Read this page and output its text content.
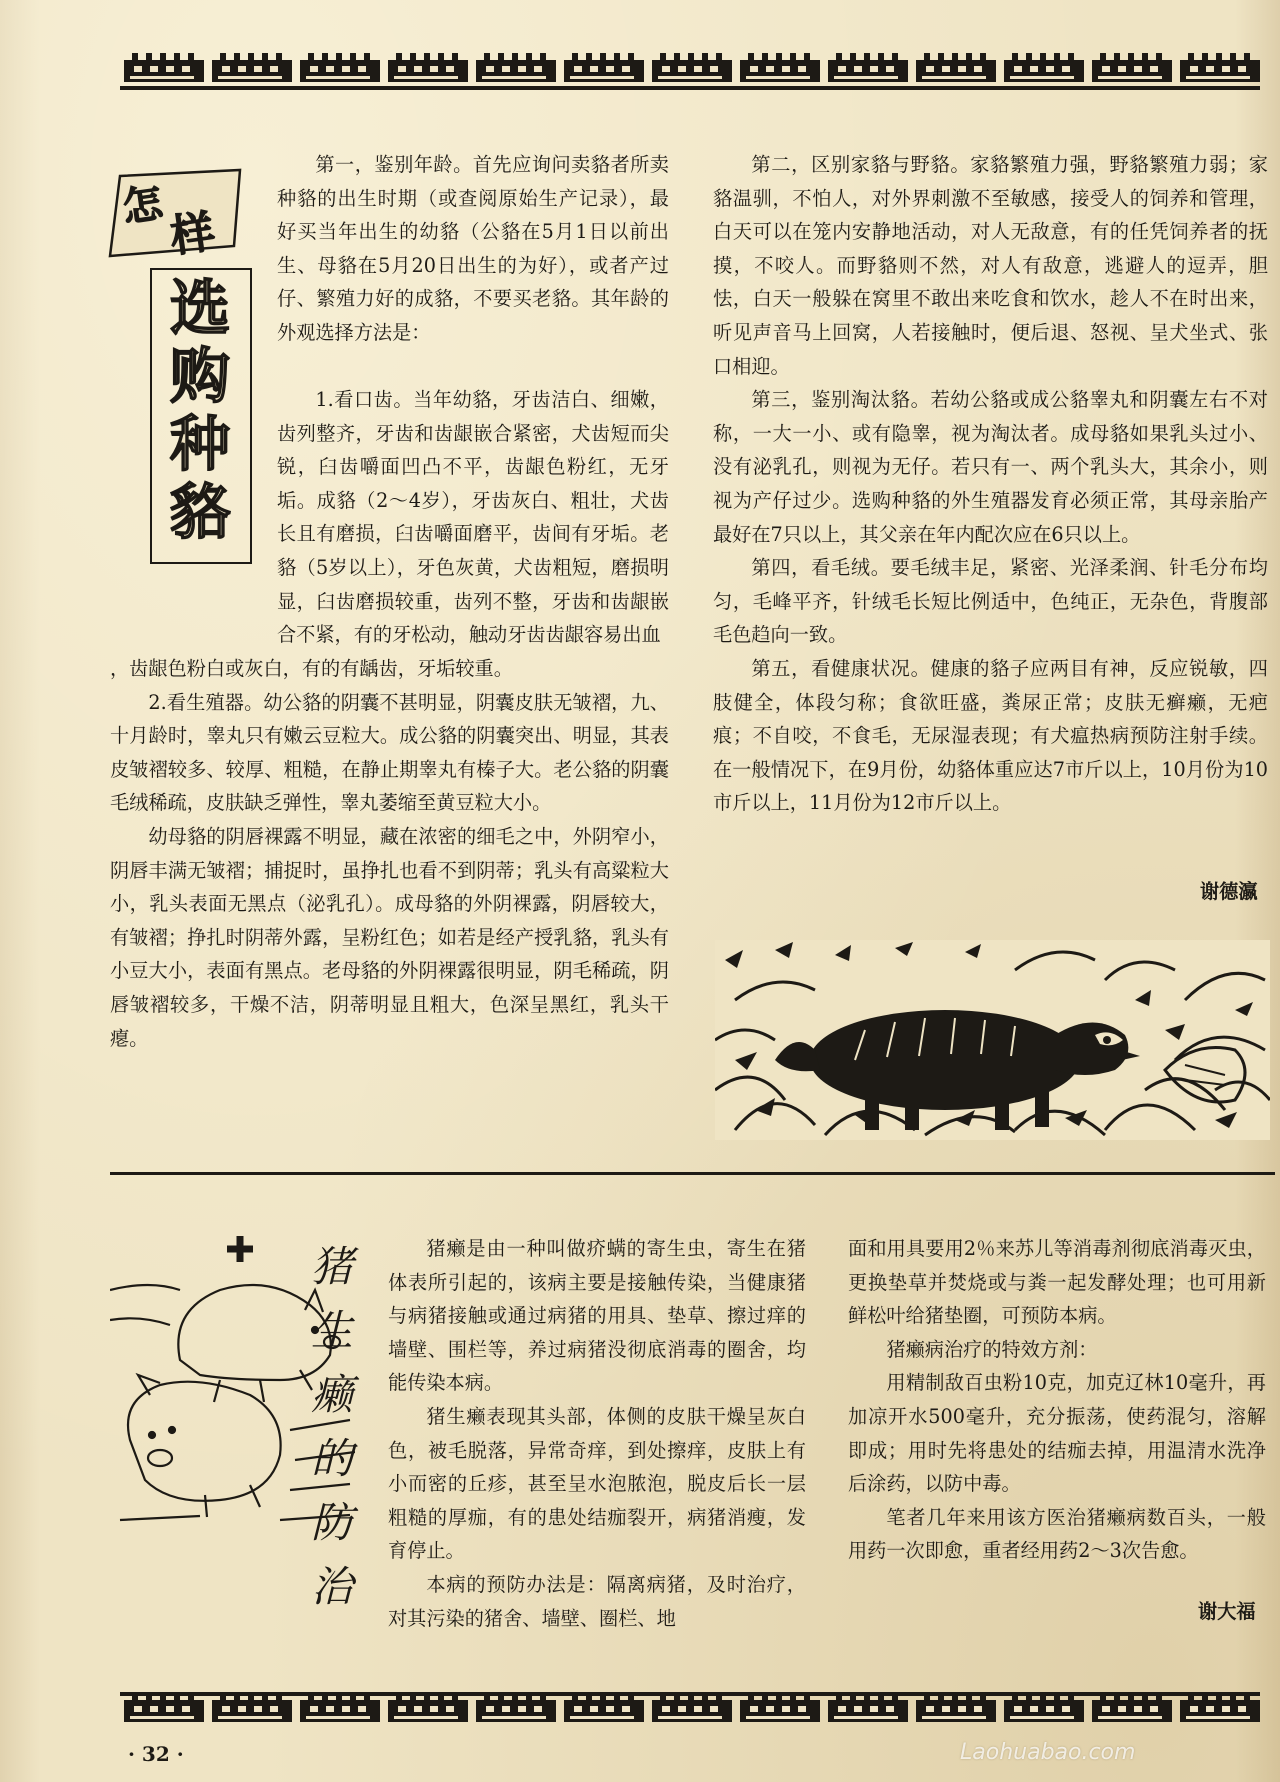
怎
样
选
购
种
貉

第一，鉴别年龄。首先应询问卖貉者所卖种貉的出生时期（或查阅原始生产记录），最好买当年出生的幼貉（公貉在5月1日以前出生、母貉在5月20日出生的为好），或者产过仔、繁殖力好的成貉，不要买老貉。其年龄的外观选择方法是：

1.看口齿。当年幼貉，牙齿洁白、细嫩，齿列整齐，牙齿和齿龈嵌合紧密，犬齿短而尖锐，臼齿嚼面凹凸不平，齿龈色粉红，无牙垢。成貉（2～4岁），牙齿灰白、粗壮，犬齿长且有磨损，臼齿嚼面磨平，齿间有牙垢。老貉（5岁以上），牙色灰黄，犬齿粗短，磨损明显，臼齿磨损较重，齿列不整，牙齿和齿龈嵌合不紧，有的牙松动，触动牙齿齿龈容易出血

，齿龈色粉白或灰白，有的有龋齿，牙垢较重。

2.看生殖器。幼公貉的阴囊不甚明显，阴囊皮肤无皱褶，九、十月龄时，睾丸只有嫩云豆粒大。成公貉的阴囊突出、明显，其表皮皱褶较多、较厚、粗糙，在静止期睾丸有榛子大。老公貉的阴囊毛绒稀疏，皮肤缺乏弹性，睾丸萎缩至黄豆粒大小。

幼母貉的阴唇裸露不明显，藏在浓密的细毛之中，外阴窄小，阴唇丰满无皱褶；捕捉时，虽挣扎也看不到阴蒂；乳头有高粱粒大小，乳头表面无黑点（泌乳孔）。成母貉的外阴裸露，阴唇较大，有皱褶；挣扎时阴蒂外露，呈粉红色；如若是经产授乳貉，乳头有小豆大小，表面有黑点。老母貉的外阴裸露很明显，阴毛稀疏，阴唇皱褶较多，干燥不洁，阴蒂明显且粗大，色深呈黑红，乳头干瘪。

第二，区别家貉与野貉。家貉繁殖力强，野貉繁殖力弱；家貉温驯，不怕人，对外界刺激不至敏感，接受人的饲养和管理，白天可以在笼内安静地活动，对人无敌意，有的任凭饲养者的抚摸，不咬人。而野貉则不然，对人有敌意，逃避人的逗弄，胆怯，白天一般躲在窝里不敢出来吃食和饮水，趁人不在时出来，听见声音马上回窝，人若接触时，便后退、怒视、呈犬坐式、张口相迎。

第三，鉴别淘汰貉。若幼公貉或成公貉睾丸和阴囊左右不对称，一大一小、或有隐睾，视为淘汰者。成母貉如果乳头过小、没有泌乳孔，则视为无仔。若只有一、两个乳头大，其余小，则视为产仔过少。选购种貉的外生殖器发育必须正常，其母亲胎产最好在7只以上，其父亲在年内配次应在6只以上。

第四，看毛绒。要毛绒丰足，紧密、光泽柔润、针毛分布均匀，毛峰平齐，针绒毛长短比例适中，色纯正，无杂色，背腹部毛色趋向一致。

第五，看健康状况。健康的貉子应两目有神，反应锐敏，四肢健全，体段匀称；食欲旺盛，粪尿正常；皮肤无癣癞，无疤痕；不自咬，不食毛，无尿湿表现；有犬瘟热病预防注射手续。在一般情况下，在9月份，幼貉体重应达7市斤以上，10月份为10市斤以上，11月份为12市斤以上。

谢德瀛
猪
生
癞
的
防
治

猪癞是由一种叫做疥螨的寄生虫，寄生在猪体表所引起的，该病主要是接触传染，当健康猪与病猪接触或通过病猪的用具、垫草、擦过痒的墙壁、围栏等，养过病猪没彻底消毒的圈舍，均能传染本病。

猪生癞表现其头部，体侧的皮肤干燥呈灰白色，被毛脱落，异常奇痒，到处擦痒，皮肤上有小而密的丘疹，甚至呈水泡脓泡，脱皮后长一层粗糙的厚痂，有的患处结痂裂开，病猪消瘦，发育停止。

本病的预防办法是：隔离病猪，及时治疗，对其污染的猪舍、墙壁、圈栏、地

面和用具要用2％来苏儿等消毒剂彻底消毒灭虫，更换垫草并焚烧或与粪一起发酵处理；也可用新鲜松叶给猪垫圈，可预防本病。

猪癞病治疗的特效方剂：

用精制敌百虫粉10克，加克辽林10毫升，再加凉开水500毫升，充分振荡，使药混匀，溶解即成；用时先将患处的结痂去掉，用温清水洗净后涂药，以防中毒。

笔者几年来用该方医治猪癞病数百头，一般用药一次即愈，重者经用药2～3次告愈。

谢大福
· 32 ·	Laohuabao.com
